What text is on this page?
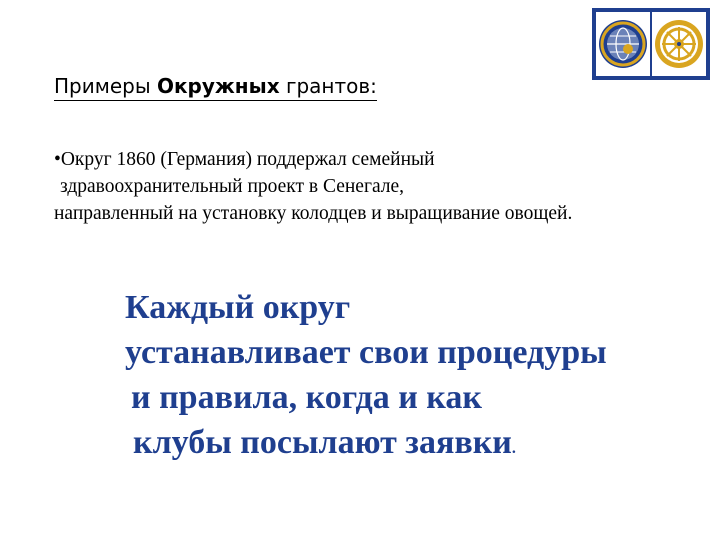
Примеры Окружных грантов:
•Округ 1860 (Германия) поддержал семейный
здравоохранительный проект в Сенегале,
направленный на установку колодцев и выращивание овощей.
Каждый округ
устанавливает свои процедуры
и правила, когда и как
клубы посылают заявки.
